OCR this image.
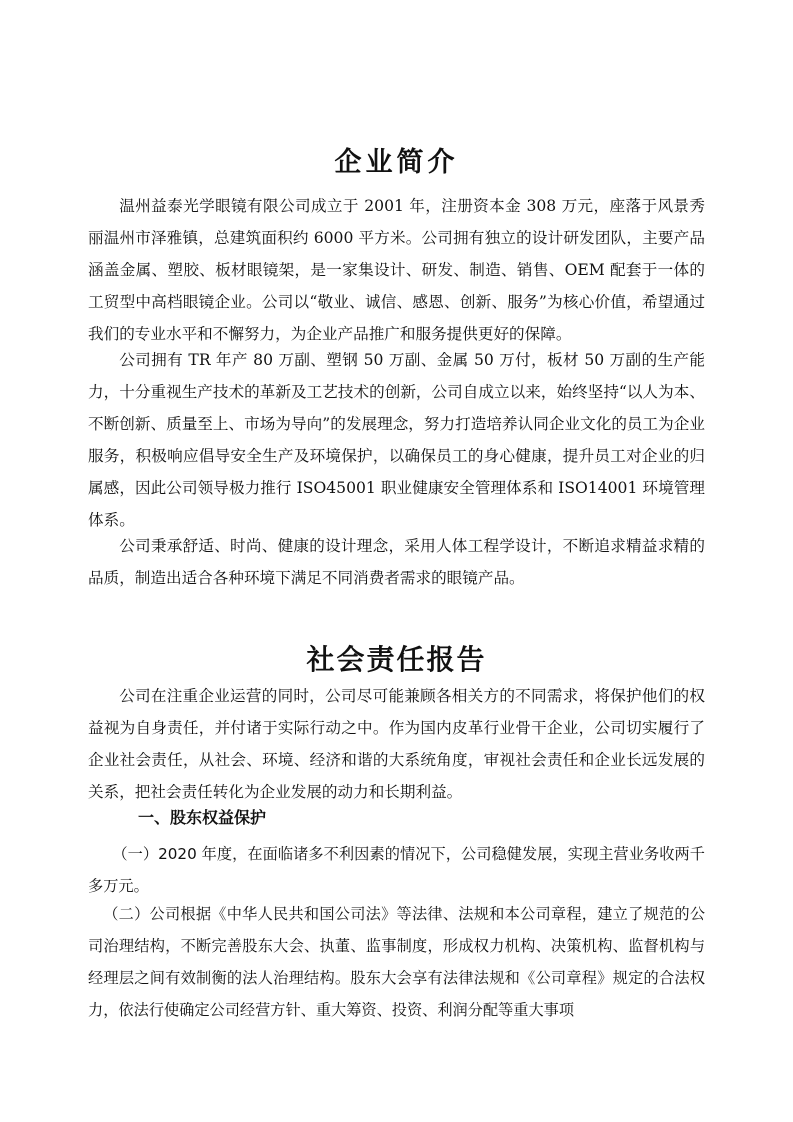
企业简介

温州益泰光学眼镜有限公司成立于 2001 年，注册资本金 308 万元，座落于风景秀丽温州市泽雅镇，总建筑面积约 6000 平方米。公司拥有独立的设计研发团队，主要产品涵盖金属、塑胶、板材眼镜架，是一家集设计、研发、制造、销售、OEM 配套于一体的工贸型中高档眼镜企业。公司以“敬业、诚信、感恩、创新、服务”为核心价值，希望通过我们的专业水平和不懈努力，为企业产品推广和服务提供更好的保障。

公司拥有 TR 年产 80 万副、塑钢 50 万副、金属 50 万付，板材 50 万副的生产能力，十分重视生产技术的革新及工艺技术的创新，公司自成立以来，始终坚持“以人为本、不断创新、质量至上、市场为导向”的发展理念，努力打造培养认同企业文化的员工为企业服务，积极响应倡导安全生产及环境保护，以确保员工的身心健康，提升员工对企业的归属感，因此公司领导极力推行 ISO45001 职业健康安全管理体系和 ISO14001 环境管理体系。

公司秉承舒适、时尚、健康的设计理念，采用人体工程学设计，不断追求精益求精的品质，制造出适合各种环境下满足不同消费者需求的眼镜产品。

社会责任报告

公司在注重企业运营的同时，公司尽可能兼顾各相关方的不同需求，将保护他们的权益视为自身责任，并付诸于实际行动之中。作为国内皮革行业骨干企业，公司切实履行了企业社会责任，从社会、环境、经济和谐的大系统角度，审视社会责任和企业长远发展的关系，把社会责任转化为企业发展的动力和长期利益。

一、股东权益保护

（一）2020 年度，在面临诸多不利因素的情况下，公司稳健发展，实现主营业务收两千多万元。

（二）公司根据《中华人民共和国公司法》等法律、法规和本公司章程，建立了规范的公司治理结构，不断完善股东大会、执董、监事制度，形成权力机构、决策机构、监督机构与经理层之间有效制衡的法人治理结构。股东大会享有法律法规和《公司章程》规定的合法权力，依法行使确定公司经营方针、重大筹资、投资、利润分配等重大事项
